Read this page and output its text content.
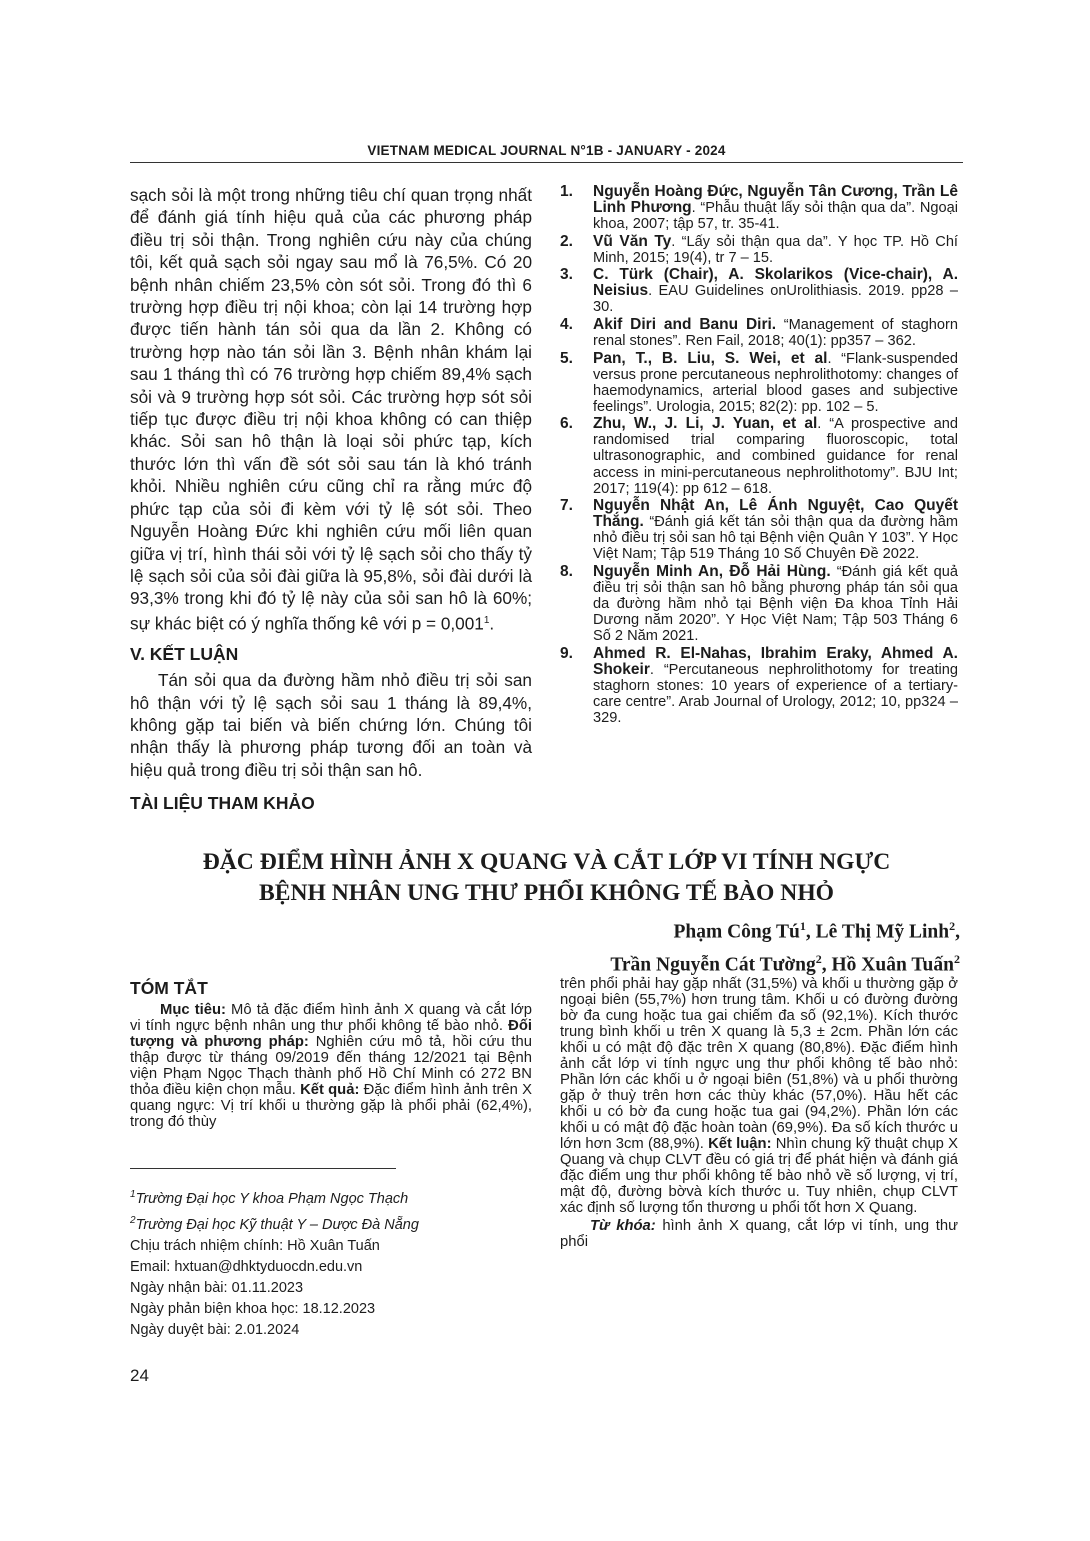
VIETNAM MEDICAL JOURNAL N°1B - JANUARY - 2024

sạch sỏi là một trong những tiêu chí quan trọng nhất để đánh giá tính hiệu quả của các phương pháp điều trị sỏi thận. Trong nghiên cứu này của chúng tôi, kết quả sạch sỏi ngay sau mổ là 76,5%. Có 20 bệnh nhân chiếm 23,5% còn sót sỏi. Trong đó thì 6 trường hợp điều trị nội khoa; còn lại 14 trường hợp được tiến hành tán sỏi qua da lần 2. Không có trường hợp nào tán sỏi lần 3. Bệnh nhân khám lại sau 1 tháng thì có 76 trường hợp chiếm 89,4% sạch sỏi và 9 trường hợp sót sỏi. Các trường hợp sót sỏi tiếp tục được điều trị nội khoa không có can thiệp khác. Sỏi san hô thận là loại sỏi phức tạp, kích thước lớn thì vấn đề sót sỏi sau tán là khó tránh khỏi. Nhiều nghiên cứu cũng chỉ ra rằng mức độ phức tạp của sỏi đi kèm với tỷ lệ sót sỏi. Theo Nguyễn Hoàng Đức khi nghiên cứu mối liên quan giữa vị trí, hình thái sỏi với tỷ lệ sạch sỏi cho thấy tỷ lệ sạch sỏi của sỏi đài giữa là 95,8%, sỏi đài dưới là 93,3% trong khi đó tỷ lệ này của sỏi san hô là 60%; sự khác biệt có ý nghĩa thống kê với $p = 0,001^1$.

V. KẾT LUẬN

Tán sỏi qua da đường hầm nhỏ điều trị sỏi san hô thận với tỷ lệ sạch sỏi sau 1 tháng là 89,4%, không gặp tai biến và biến chứng lớn. Chúng tôi nhận thấy là phương pháp tương đối an toàn và hiệu quả trong điều trị sỏi thận san hô.

TÀI LIỆU THAM KHẢO
1. Nguyễn Hoàng Đức, Nguyễn Tân Cương, Trần Lê Linh Phương. “Phẫu thuật lấy sỏi thận qua da”. Ngoại khoa, 2007; tập 57, tr. 35-41.
2. Vũ Văn Ty. “Lấy sỏi thận qua da”. Y học TP. Hồ Chí Minh, 2015; 19(4), tr 7 – 15.
3. C. Türk (Chair), A. Skolarikos (Vice-chair), A. Neisius. EAU Guidelines onUrolithiasis. 2019. pp28 – 30.
4. Akif Diri and Banu Diri. “Management of staghorn renal stones”. Ren Fail, 2018; 40(1): pp357 – 362.
5. Pan, T., B. Liu, S. Wei, et al. “Flank-suspended versus prone percutaneous nephrolithotomy: changes of haemodynamics, arterial blood gases and subjective feelings”. Urologia, 2015; 82(2): pp. 102 – 5.
6. Zhu, W., J. Li, J. Yuan, et al. “A prospective and randomised trial comparing fluoroscopic, total ultrasonographic, and combined guidance for renal access in mini-percutaneous nephrolithotomy”. BJU Int; 2017; 119(4): pp 612 – 618.
7. Nguyễn Nhật An, Lê Ánh Nguyệt, Cao Quyết Thắng. “Đánh giá kết tán sỏi thận qua da đường hầm nhỏ điều trị sỏi san hô tại Bệnh viện Quân Y 103”. Y Học Việt Nam; Tập 519 Tháng 10 Số Chuyên Đề 2022.
8. Nguyễn Minh An, Đỗ Hải Hùng. “Đánh giá kết quả điều trị sỏi thận san hô bằng phương pháp tán sỏi qua da đường hầm nhỏ tại Bệnh viện Đa khoa Tỉnh Hải Dương năm 2020”. Y Học Việt Nam; Tập 503 Tháng 6 Số 2 Năm 2021.
9. Ahmed R. El-Nahas, Ibrahim Eraky, Ahmed A. Shokeir. “Percutaneous nephrolithotomy for treating staghorn stones: 10 years of experience of a tertiary-care centre”. Arab Journal of Urology, 2012; 10, pp324 – 329.
ĐẶC ĐIỂM HÌNH ẢNH X QUANG VÀ CẮT LỚP VI TÍNH NGỰC
BỆNH NHÂN UNG THƯ PHỔI KHÔNG TẾ BÀO NHỎ
Phạm Công $Tú^1$, Lê Thị Mỹ Linh$^2$,
Trần Nguyễn Cát Tường$^2$, Hồ Xuân Tuấn$^2$
TÓM TẮT
Mục tiêu: Mô tả đặc điểm hình ảnh X quang và cắt lớp vi tính ngực bệnh nhân ung thư phổi không tế bào nhỏ. Đối tượng và phương pháp: Nghiên cứu mô tả, hồi cứu thu thập được từ tháng 09/2019 đến tháng 12/2021 tại Bệnh viện Phạm Ngọc Thạch thành phố Hồ Chí Minh có 272 BN thỏa điều kiện chọn mẫu. Kết quả: Đặc điểm hình ảnh trên X quang ngực: Vị trí khối u thường gặp là phổi phải (62,4%), trong đó thùy

trên phổi phải hay gặp nhất (31,5%) và khối u thường gặp ở ngoại biên (55,7%) hơn trung tâm. Khối u có đường đường bờ đa cung hoặc tua gai chiếm đa số (92,1%). Kích thước trung bình khối u trên X quang là 5,3 ± 2cm. Phần lớn các khối u có mật độ đặc trên X quang (80,8%). Đặc điểm hình ảnh cắt lớp vi tính ngực ung thư phổi không tế bào nhỏ: Phần lớn các khối u ở ngoại biên (51,8%) và u phổi thường gặp ở thuỳ trên hơn các thùy khác (57,0%). Hầu hết các khối u có bờ đa cung hoặc tua gai (94,2%). Phần lớn các khối u có mật độ đặc hoàn toàn (69,9%). Đa số kích thước u lớn hơn 3cm (88,9%). Kết luận: Nhìn chung kỹ thuật chụp X Quang và chụp CLVT đều có giá trị để phát hiện và đánh giá đặc điểm ung thư phổi không tế bào nhỏ về số lượng, vị trí, mật độ, đường bờvà kích thước u. Tuy nhiên, chụp CLVT xác định số lượng tổn thương u phổi tốt hơn X Quang.

Từ khóa: hình ảnh X quang, cắt lớp vi tính, ung thư phổi

$^1$Trường Đại học Y khoa Phạm Ngọc Thạch
$^2$Trường Đại học Kỹ thuật Y – Dược Đà Nẵng
Chịu trách nhiệm chính: Hồ Xuân Tuấn
Email: hxtuan@dhktyduocdn.edu.vn
Ngày nhận bài: 01.11.2023
Ngày phản biện khoa học: 18.12.2023
Ngày duyệt bài: 2.01.2024
24
